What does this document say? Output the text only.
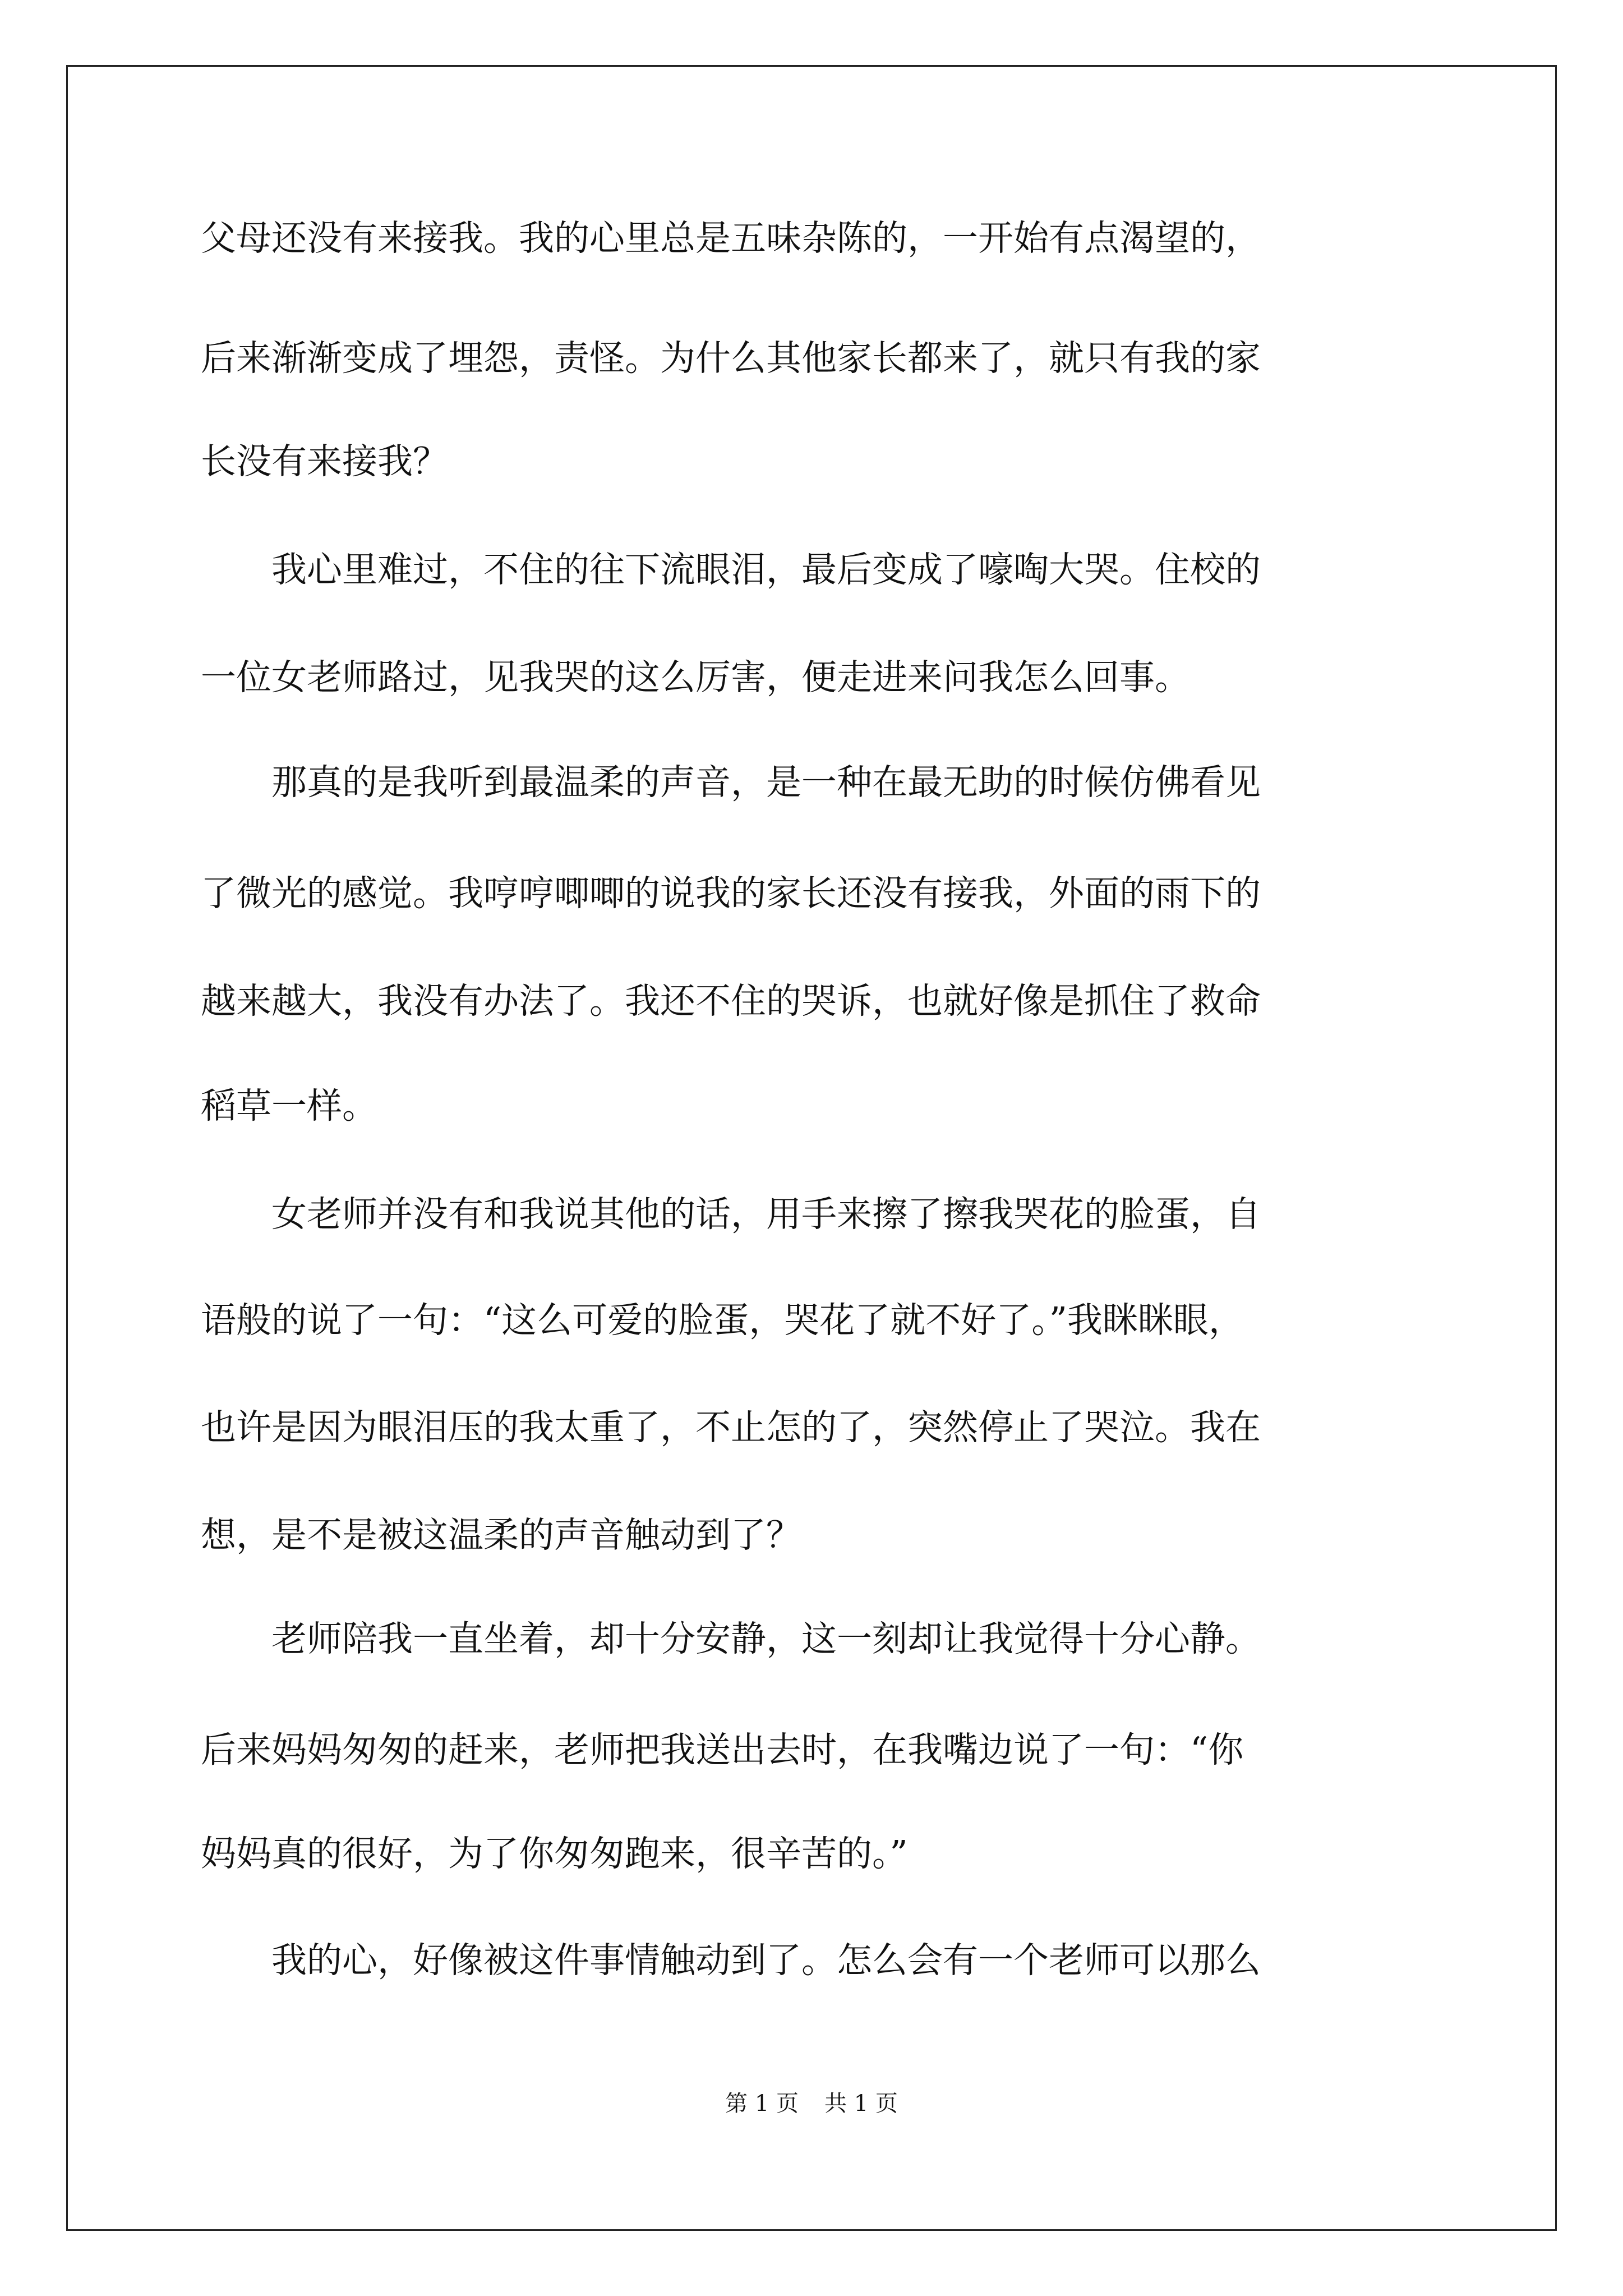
父母还没有来接我。我的心里总是五味杂陈的，一开始有点渴望的，
后来渐渐变成了埋怨，责怪。为什么其他家长都来了，就只有我的家
长没有来接我？
　　我心里难过，不住的往下流眼泪，最后变成了嚎啕大哭。住校的
一位女老师路过，见我哭的这么厉害，便走进来问我怎么回事。
　　那真的是我听到最温柔的声音，是一种在最无助的时候仿佛看见
了微光的感觉。我哼哼唧唧的说我的家长还没有接我，外面的雨下的
越来越大，我没有办法了。我还不住的哭诉，也就好像是抓住了救命
稻草一样。
　　女老师并没有和我说其他的话，用手来擦了擦我哭花的脸蛋，自
语般的说了一句：“这么可爱的脸蛋，哭花了就不好了。”我眯眯眼，
也许是因为眼泪压的我太重了，不止怎的了，突然停止了哭泣。我在
想，是不是被这温柔的声音触动到了？
　　老师陪我一直坐着，却十分安静，这一刻却让我觉得十分心静。
后来妈妈匆匆的赶来，老师把我送出去时，在我嘴边说了一句：“你
妈妈真的很好，为了你匆匆跑来，很辛苦的。”
　　我的心，好像被这件事情触动到了。怎么会有一个老师可以那么
第 1 页 共 1 页
